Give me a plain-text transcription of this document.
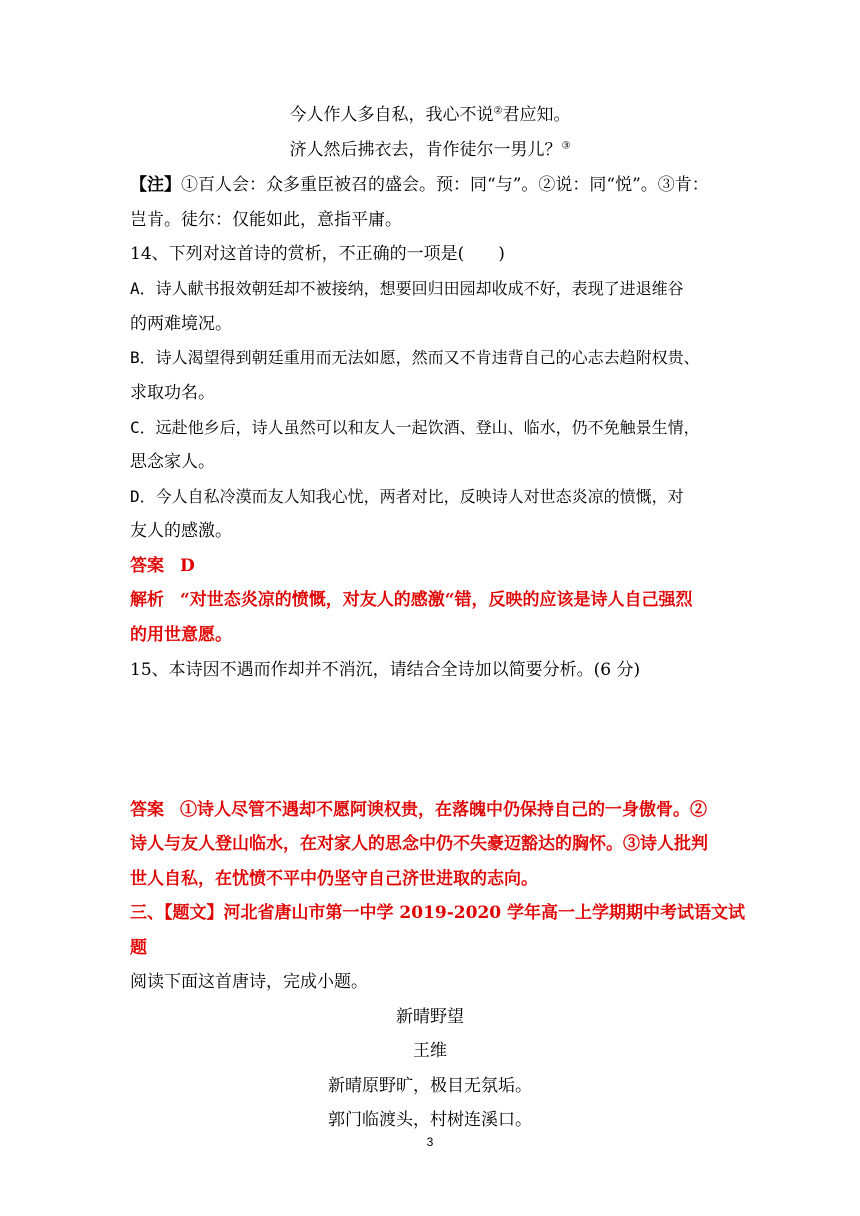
今人作人多自私，我心不说②君应知。
济人然后拂衣去，肯作徒尔一男儿？③
【注】①百人会：众多重臣被召的盛会。预：同“与”。②说：同“悦”。③肯：
岂肯。徒尔：仅能如此，意指平庸。
14、下列对这首诗的赏析，不正确的一项是(　　)
A．诗人献书报效朝廷却不被接纳，想要回归田园却收成不好，表现了进退维谷
的两难境况。
B．诗人渴望得到朝廷重用而无法如愿，然而又不肯违背自己的心志去趋附权贵、
求取功名。
C．远赴他乡后，诗人虽然可以和友人一起饮酒、登山、临水，仍不免触景生情，
思念家人。
D．今人自私冷漠而友人知我心忧，两者对比，反映诗人对世态炎凉的愤慨，对
友人的感激。
答案 D
解析 “对世态炎凉的愤慨，对友人的感激“错，反映的应该是诗人自己强烈
的用世意愿。
15、本诗因不遇而作却并不消沉，请结合全诗加以简要分析。(6 分)
答案 ①诗人尽管不遇却不愿阿谀权贵，在落魄中仍保持自己的一身傲骨。②
诗人与友人登山临水，在对家人的思念中仍不失豪迈豁达的胸怀。③诗人批判
世人自私，在忧愤不平中仍坚守自己济世进取的志向。
三、【题文】河北省唐山市第一中学 2019-2020 学年高一上学期期中考试语文试
题
阅读下面这首唐诗，完成小题。
新晴野望
王维
新晴原野旷，极目无氛垢。
郭门临渡头，村树连溪口。
3
